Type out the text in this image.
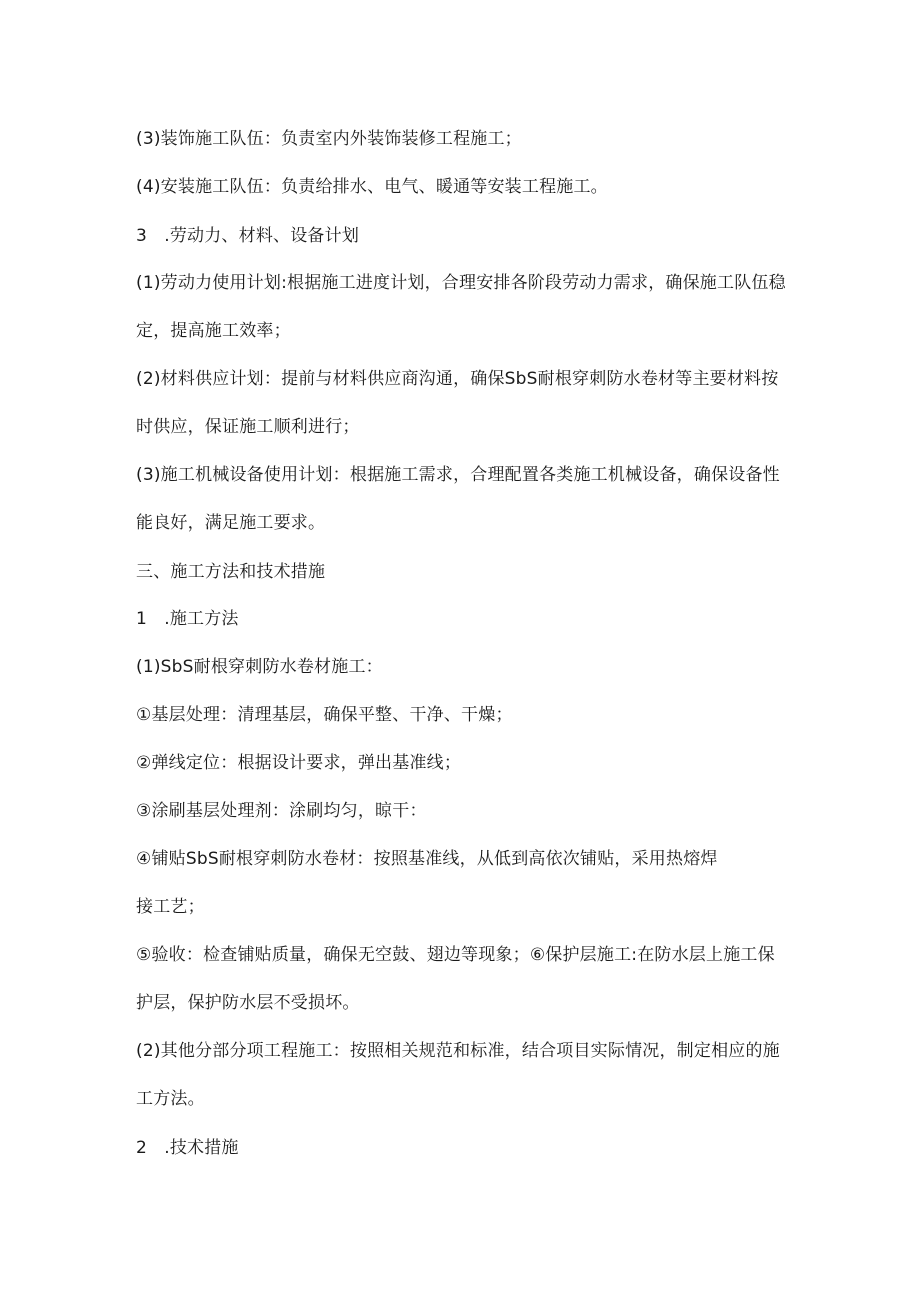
(3)装饰施工队伍：负责室内外装饰装修工程施工；
(4)安装施工队伍：负责给排水、电气、暖通等安装工程施工。
3　.劳动力、材料、设备计划
(1)劳动力使用计划:根据施工进度计划，合理安排各阶段劳动力需求，确保施工队伍稳
定，提高施工效率；
(2)材料供应计划：提前与材料供应商沟通，确保SbS耐根穿刺防水卷材等主要材料按
时供应，保证施工顺利进行；
(3)施工机械设备使用计划：根据施工需求，合理配置各类施工机械设备，确保设备性
能良好，满足施工要求。
三、施工方法和技术措施
1　.施工方法
(1)SbS耐根穿刺防水卷材施工：
①基层处理：清理基层，确保平整、干净、干燥；
②弹线定位：根据设计要求，弹出基准线；
③涂刷基层处理剂：涂刷均匀，晾干：
④铺贴SbS耐根穿刺防水卷材：按照基准线，从低到高依次铺贴，采用热熔焊
接工艺；
⑤验收：检查铺贴质量，确保无空鼓、翅边等现象；⑥保护层施工:在防水层上施工保
护层，保护防水层不受损坏。
(2)其他分部分项工程施工：按照相关规范和标准，结合项目实际情况，制定相应的施
工方法。
2　.技术措施
